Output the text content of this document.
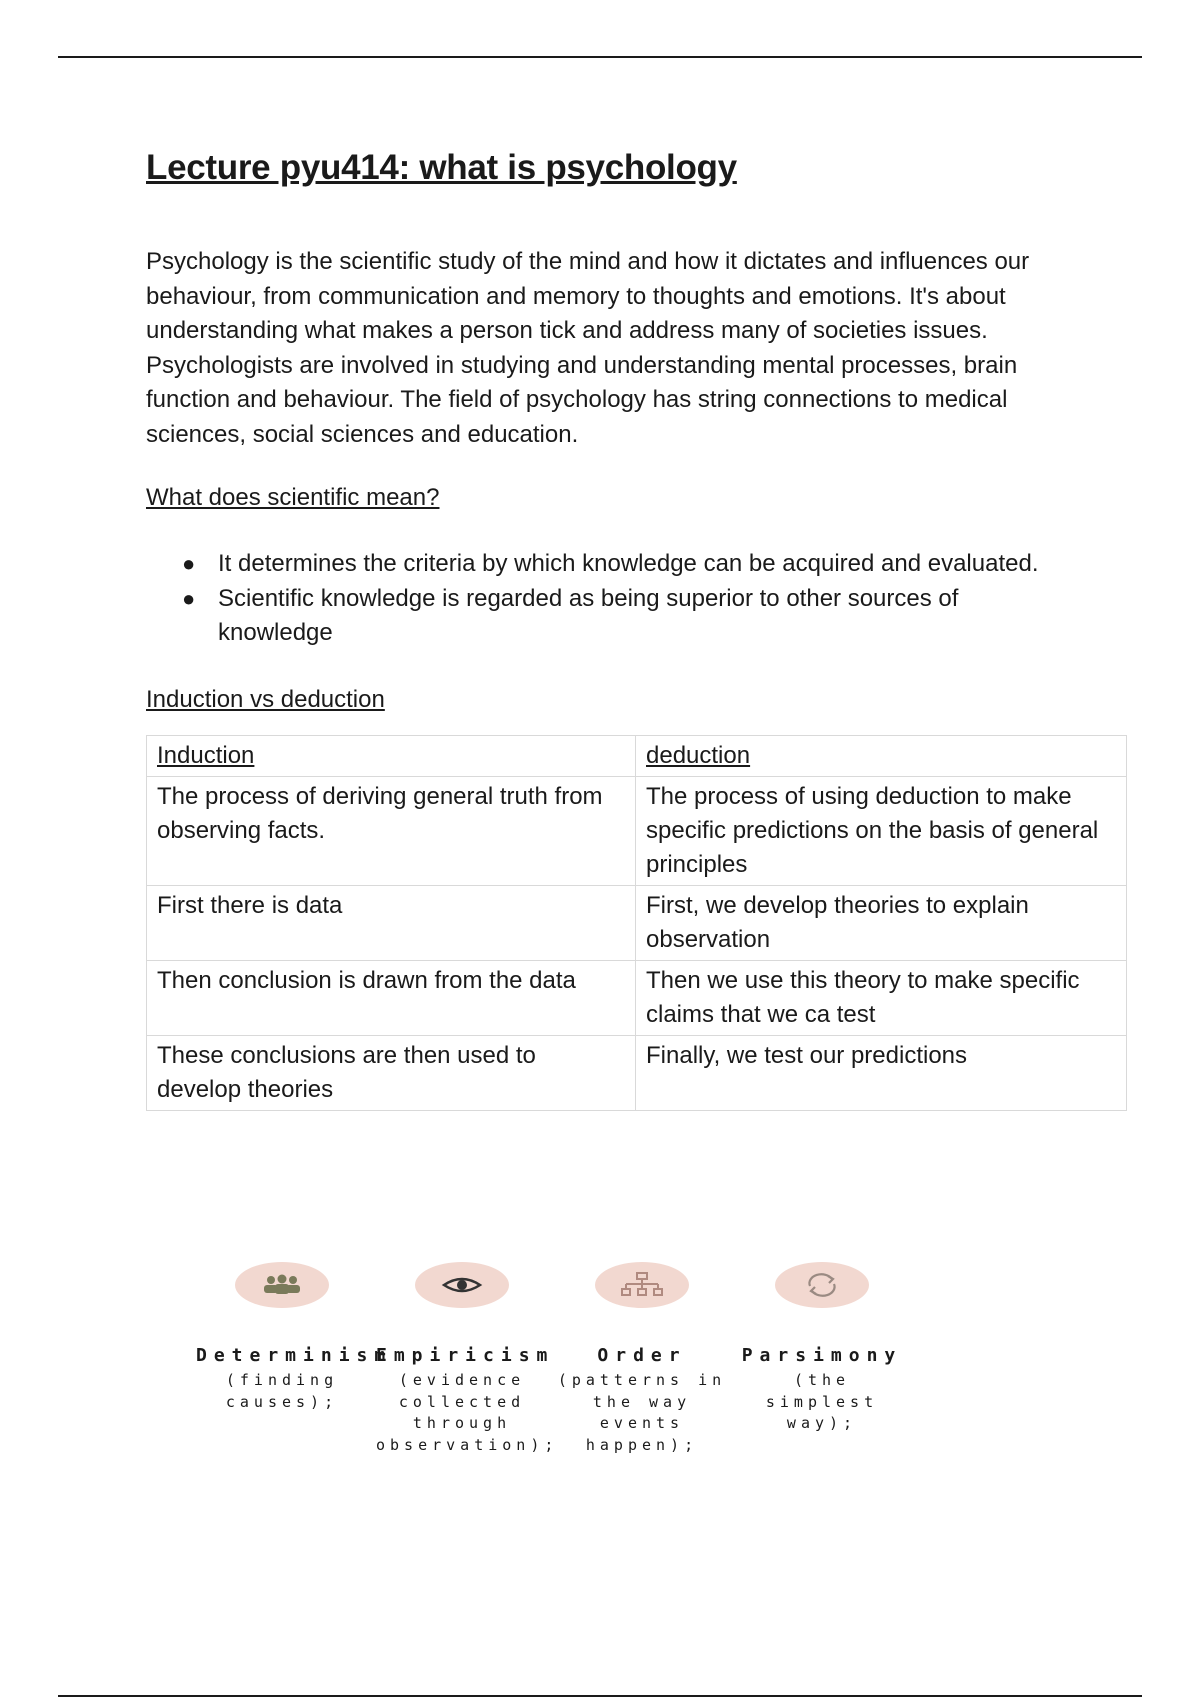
Lecture pyu414: what is psychology

Psychology is the scientific study of the mind and how it dictates and influences our behaviour, from communication and memory to thoughts and emotions. It's about understanding what makes a person tick and address many of societies issues.

Psychologists are involved in studying and understanding mental processes, brain function and behaviour. The field of psychology has string connections to medical sciences, social sciences and education.

What does scientific mean?

● It determines the criteria by which knowledge can be acquired and evaluated.
● Scientific knowledge is regarded as being superior to other sources of knowledge

Induction vs deduction

Induction	deduction
The process of deriving general truth from observing facts.	The process of using deduction to make specific predictions on the basis of general principles
First there is data	First, we develop theories to explain observation
Then conclusion is drawn from the data	Then we use this theory to make specific claims that we ca test
These conclusions are then used to develop theories	Finally, we test our predictions
Determinism
(finding causes);
Empiricism
(evidence collected through observation);
Order
(patterns in the way events happen);
Parsimony
(the simplest way);
